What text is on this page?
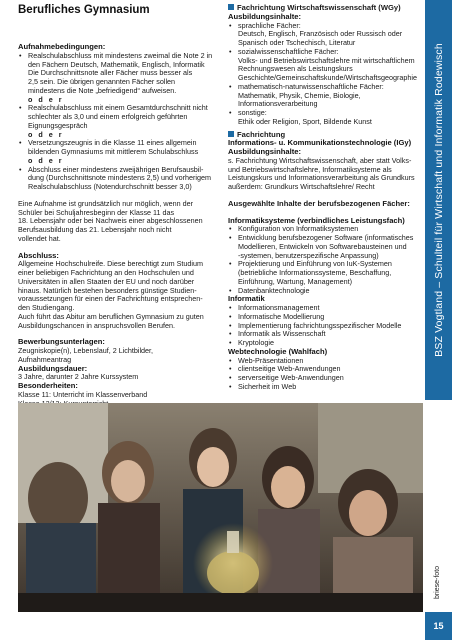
Berufliches Gymnasium
Aufnahmebedingungen:
• Realschulabschluss mit mindestens zweimal die Note 2 in
den Fächern Deutsch, Mathematik, Englisch, Informatik
Die Durchschnittsnote aller Fächer muss besser als
2,5 sein. Die übrigen genannten Fächer sollen
mindestens die Note „befriedigend“ aufweisen.
o d e r
• Realschulabschluss mit einem Gesamtdurchschnitt nicht
schlechter als 3,0 und einem erfolgreich geführten
Eignungsgespräch
o d e r
• Versetzungszeugnis in die Klasse 11 eines allgemein
bildenden Gymnasiums mit mittlerem Schulabschluss
o d e r
• Abschluss einer mindestens zweijährigen Berufsausbil-
dung (Durchschnittsnote mindestens 2,5) und vorherigem
Realschulabschluss (Notendurchschnitt besser 3,0)
Eine Aufnahme ist grundsätzlich nur möglich, wenn der
Schüler bei Schuljahresbeginn der Klasse 11 das
18. Lebensjahr oder bei Nachweis einer abgeschlossenen
Berufsausbildung das 21. Lebensjahr noch nicht
vollendet hat.
Abschluss:
Allgemeine Hochschulreife. Diese berechtigt zum Studium
einer beliebigen Fachrichtung an den Hochschulen und
Universitäten in allen Staaten der EU und noch darüber
hinaus. Natürlich bestehen besonders günstige Studien-
voraussetzungen für einen der Fachrichtung entsprechen-
den Studiengang.
Auch führt das Abitur am beruflichen Gymnasium zu guten
Ausbildungschancen in anspruchsvollen Berufen.
Bewerbungsunterlagen:
Zeugniskopie(n), Lebenslauf, 2 Lichtbilder,
Aufnahmeantrag
Ausbildungsdauer:
3 Jahre, darunter 2 Jahre Kurssystem
Besonderheiten:
Klasse 11: Unterricht im Klassenverband
Fachrichtung Wirtschaftswissenschaft (WGy)
Ausbildungsinhalte:
• sprachliche Fächer:
Deutsch, Englisch, Französisch oder Russisch oder
Spanisch oder Tschechisch, Literatur
• sozialwissenschaftliche Fächer:
Volks- und Betriebswirtschaftslehre mit wirtschaftlichem
Rechnungswesen als Leistungskurs
Geschichte/Gemeinschaftskunde/Wirtschaftsgeographie
• mathematisch-naturwissenschaftliche Fächer:
Mathematik, Physik, Chemie, Biologie,
Informationsverarbeitung
• sonstige:
Ethik oder Religion, Sport, Bildende Kunst
Fachrichtung
Informations- u. Kommunikationstechnologie (IGy)
Ausbildungsinhalte:
s. Fachrichtung Wirtschaftswissenschaft, aber statt Volks-
und Betriebswirtschaftslehre, Informatiksysteme als
Leistungskurs und Informationsverarbeitung als Grundkurs
außerdem: Grundkurs Wirtschaftslehre/ Recht
Ausgewählte Inhalte der berufsbezogenen Fächer:
Informatiksysteme (verbindliches Leistungsfach)
• Konfiguration von Informatiksystemen
• Entwicklung berufsbezogener Software (informatisches
Modellieren, Entwickeln von Softwarebausteinen und
-systemen, benutzerspezifische Anpassung)
• Projektierung und Einführung von IuK-Systemen
(betriebliche Informationssysteme, Beschaffung,
Einführung, Wartung, Management)
• Datenbanktechnologie
Informatik
• Informationsmanagement
• Informatische Modellierung
• Implementierung fachrichtungsspezifischer Modelle
• Informatik als Wissenschaft
• Kryptologie
Webtechnologie (Wahlfach)
• Web-Präsentationen
• clientseitige Web-Anwendungen
• serverseitige Web-Anwendungen
• Sicherheit im Web
BSZ Vogtland – Schulteil für Wirtschaft und Informatik Rodewisch
briese-foto
15
